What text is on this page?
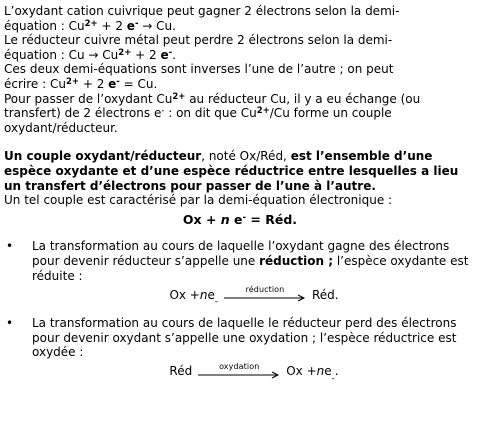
L’oxydant cation cuivrique peut gagner 2 électrons selon la demi-

équation : $Cu^{2+} + 2$ e- → Cu.

Le réducteur cuivre métal peut perdre 2 électrons selon la demi-

équation : $Cu \to Cu^{2+} + 2$ e-.

Ces deux demi-équations sont inverses l’une de l’autre ; on peut

écrire : $Cu^{2+} + 2$ e- = Cu.

Pour passer de l’oxydant $Cu^{2+}$ au réducteur Cu, il y a eu échange (ou

transfert) de 2 électrons e- : on dit que $Cu^{2+}/Cu$ forme un couple

oxydant/réducteur.

Un couple oxydant/réducteur, noté Ox/Réd, est l’ensemble d’une espèce oxydante et d’une espèce réductrice entre lesquelles a lieu un transfert d’électrons pour passer de l’une à l’autre.

Un tel couple est caractérisé par la demi-équation électronique :

Ox + n e- = Réd.

•	La transformation au cours de laquelle l’oxydant gagne des électrons pour devenir réducteur s’appelle une réduction ; l’espèce oxydante est réduite :

Ox + n e
-
réduction Réd.
•	La transformation au cours de laquelle le réducteur perd des électrons pour devenir oxydant s’appelle une oxydation ; l’espèce réductrice est oxydée :

Réd	oxydation Ox + n e
-
.
